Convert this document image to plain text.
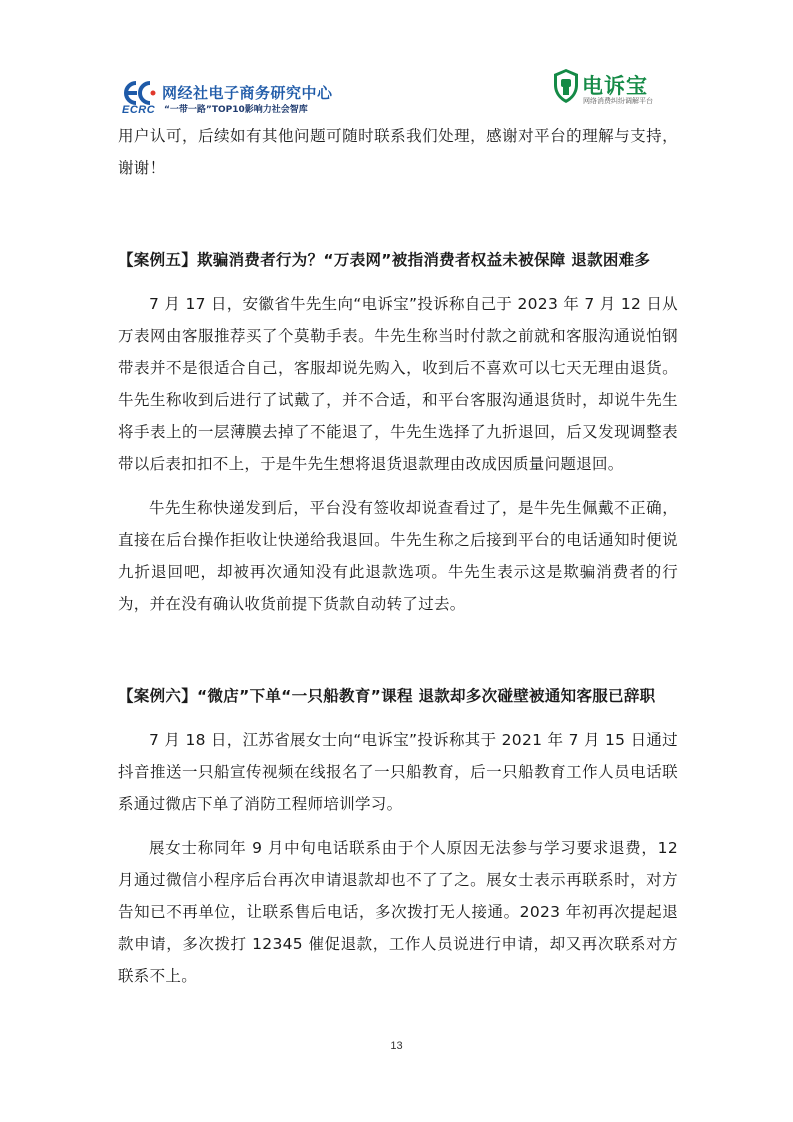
ECRC
网经社电子商务研究中心
“一带一路”TOP10影响力社会智库
电诉宝
网络消费纠纷调解平台

用户认可，后续如有其他问题可随时联系我们处理，感谢对平台的理解与支持，谢谢！

【案例五】欺骗消费者行为？“万表网”被指消费者权益未被保障 退款困难多

7 月 17 日，安徽省牛先生向“电诉宝”投诉称自己于 2023 年 7 月 12 日从万表网由客服推荐买了个莫勒手表。牛先生称当时付款之前就和客服沟通说怕钢带表并不是很适合自己，客服却说先购入，收到后不喜欢可以七天无理由退货。牛先生称收到后进行了试戴了，并不合适，和平台客服沟通退货时，却说牛先生将手表上的一层薄膜去掉了不能退了，牛先生选择了九折退回，后又发现调整表带以后表扣扣不上，于是牛先生想将退货退款理由改成因质量问题退回。

牛先生称快递发到后，平台没有签收却说查看过了，是牛先生佩戴不正确，直接在后台操作拒收让快递给我退回。牛先生称之后接到平台的电话通知时便说九折退回吧，却被再次通知没有此退款选项。牛先生表示这是欺骗消费者的行为，并在没有确认收货前提下货款自动转了过去。

【案例六】“微店”下单“一只船教育”课程 退款却多次碰壁被通知客服已辞职

7 月 18 日，江苏省展女士向“电诉宝”投诉称其于 2021 年 7 月 15 日通过抖音推送一只船宣传视频在线报名了一只船教育，后一只船教育工作人员电话联系通过微店下单了消防工程师培训学习。

展女士称同年 9 月中旬电话联系由于个人原因无法参与学习要求退费，12 月通过微信小程序后台再次申请退款却也不了了之。展女士表示再联系时，对方告知已不再单位，让联系售后电话，多次拨打无人接通。2023 年初再次提起退款申请，多次拨打 12345 催促退款，工作人员说进行申请，却又再次联系对方联系不上。

13
